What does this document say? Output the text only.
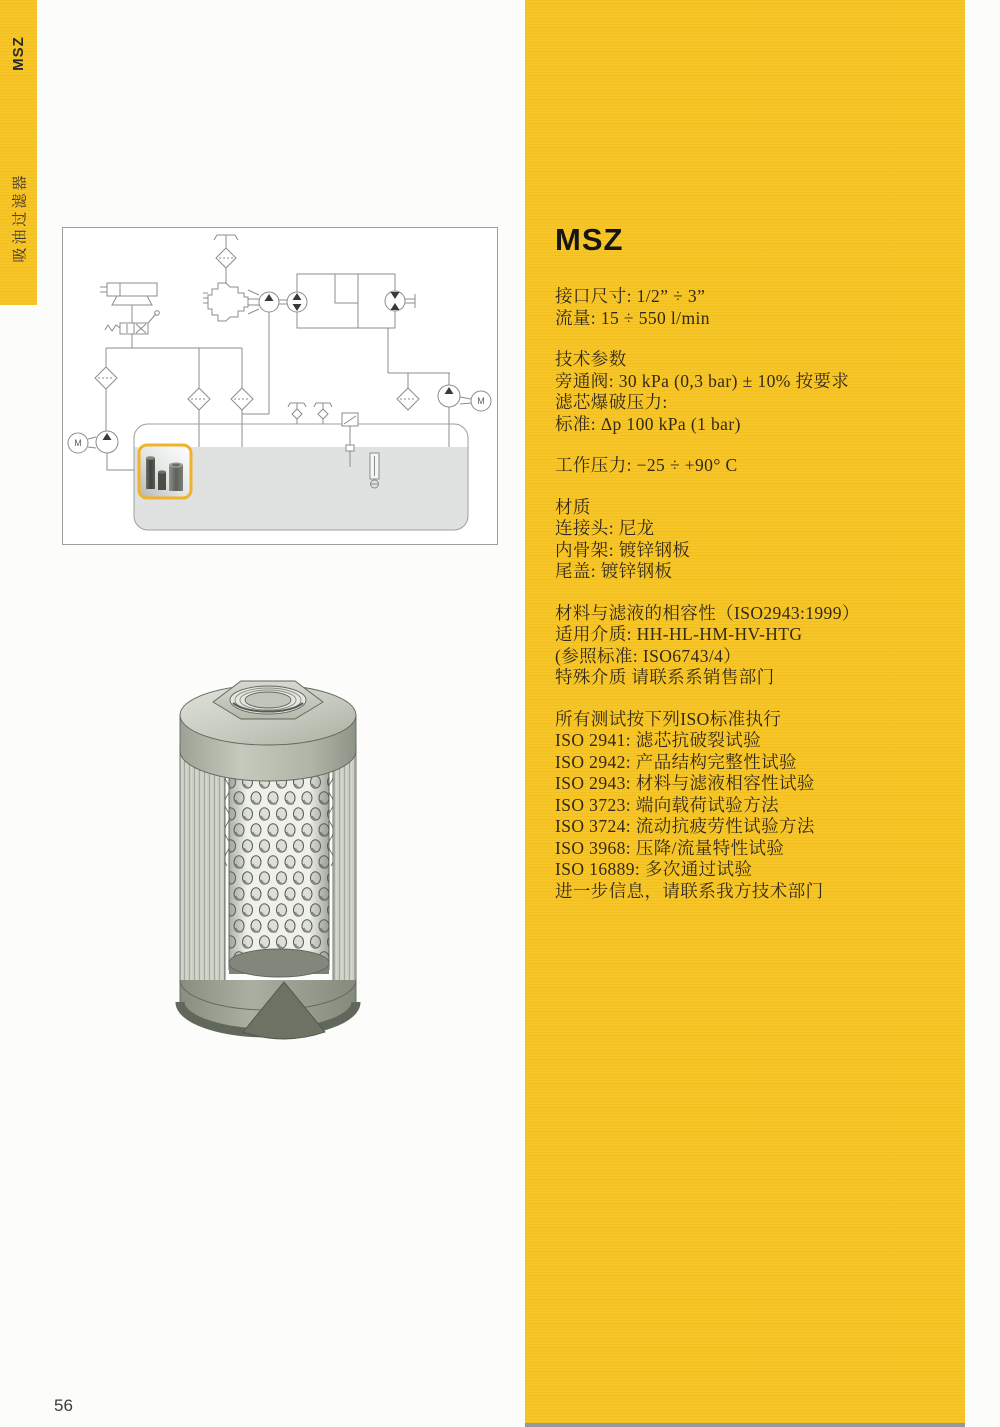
MSZ
吸油过滤器
M
M
MSZ
接口尺寸: 1/2” ÷ 3”
流量: 15 ÷ 550 l/min
技术参数
旁通阀: 30 kPa (0,3 bar) ± 10% 按要求
滤芯爆破压力:
标准: Δp 100 kPa (1 bar)
工作压力: −25 ÷ +90° C
材质
连接头: 尼龙
内骨架: 镀锌钢板
尾盖: 镀锌钢板
材料与滤液的相容性（ISO2943:1999）
适用介质: HH-HL-HM-HV-HTG
(参照标准: ISO6743/4）
特殊介质 请联系系销售部门
所有测试按下列ISO标准执行
ISO 2941: 滤芯抗破裂试验
ISO 2942: 产品结构完整性试验
ISO 2943: 材料与滤液相容性试验
ISO 3723: 端向载荷试验方法
ISO 3724: 流动抗疲劳性试验方法
ISO 3968: 压降/流量特性试验
ISO 16889: 多次通过试验
进一步信息，请联系我方技术部门
56
